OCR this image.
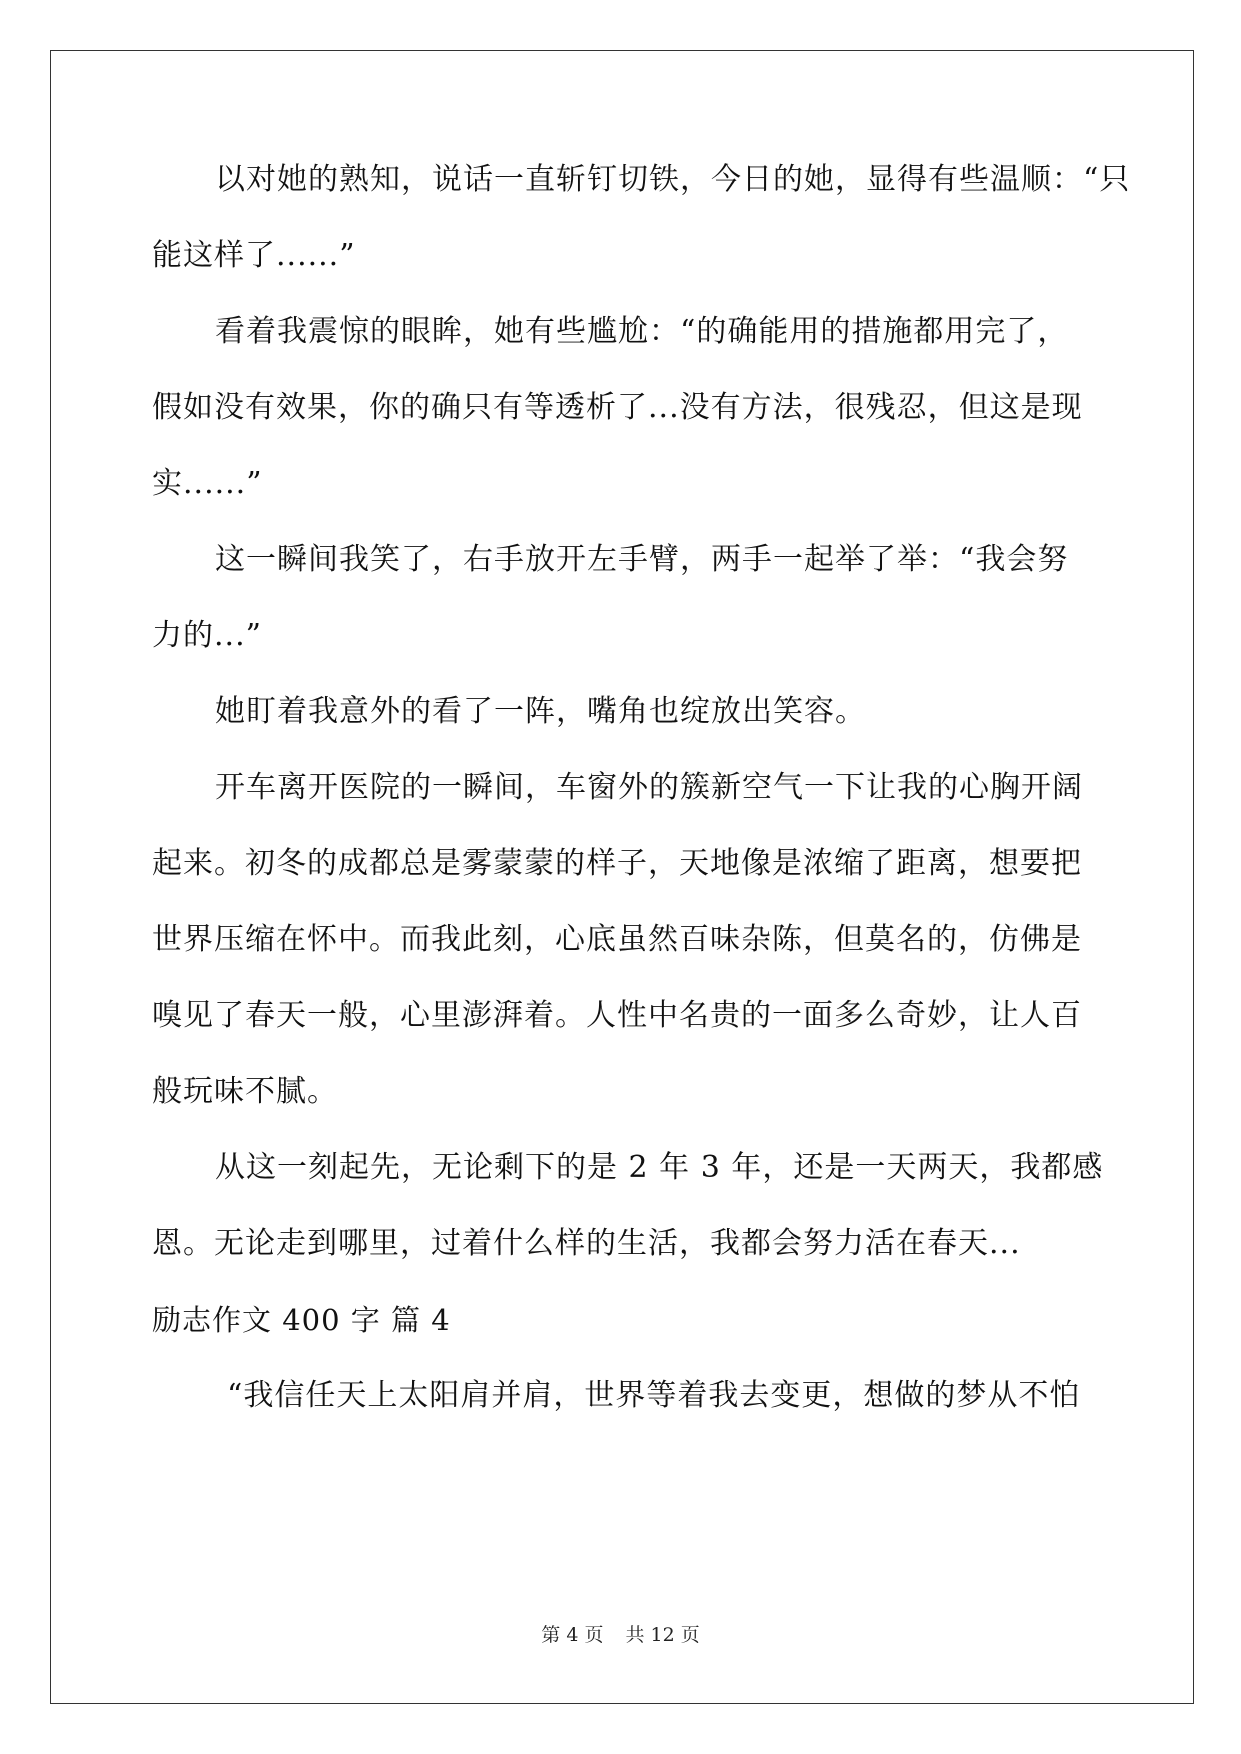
以对她的熟知，说话一直斩钉切铁，今日的她，显得有些温顺：“只
能这样了......”
看着我震惊的眼眸，她有些尴尬：“的确能用的措施都用完了，
假如没有效果，你的确只有等透析了...没有方法，很残忍，但这是现
实......”
这一瞬间我笑了，右手放开左手臂，两手一起举了举：“我会努
力的...”
她盯着我意外的看了一阵，嘴角也绽放出笑容。
开车离开医院的一瞬间，车窗外的簇新空气一下让我的心胸开阔
起来。初冬的成都总是雾蒙蒙的样子，天地像是浓缩了距离，想要把
世界压缩在怀中。而我此刻，心底虽然百味杂陈，但莫名的，仿佛是
嗅见了春天一般，心里澎湃着。人性中名贵的一面多么奇妙，让人百
般玩味不腻。
从这一刻起先，无论剩下的是 2 年 3 年，还是一天两天，我都感
恩。无论走到哪里，过着什么样的生活，我都会努力活在春天...
励志作文 400 字 篇 4
“我信任天上太阳肩并肩，世界等着我去变更，想做的梦从不怕
第 4 页 共 12 页
